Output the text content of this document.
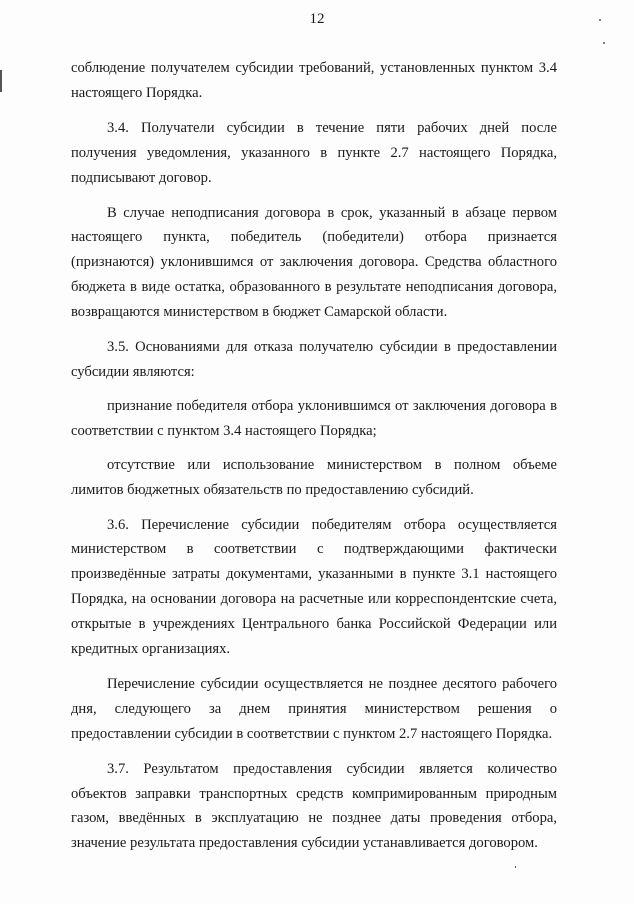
12

соблюдение получателем субсидии требований, установленных пунктом 3.4 настоящего Порядка.

3.4. Получатели субсидии в течение пяти рабочих дней после получения уведомления, указанного в пункте 2.7 настоящего Порядка, подписывают договор.

В случае неподписания договора в срок, указанный в абзаце первом настоящего пункта, победитель (победители) отбора признается (признаются) уклонившимся от заключения договора. Средства областного бюджета в виде остатка, образованного в результате неподписания договора, возвращаются министерством в бюджет Самарской области.

3.5. Основаниями для отказа получателю субсидии в предоставлении субсидии являются:

признание победителя отбора уклонившимся от заключения договора в соответствии с пунктом 3.4 настоящего Порядка;

отсутствие или использование министерством в полном объеме лимитов бюджетных обязательств по предоставлению субсидий.

3.6. Перечисление субсидии победителям отбора осуществляется министерством в соответствии с подтверждающими фактически произведённые затраты документами, указанными в пункте 3.1 настоящего Порядка, на основании договора на расчетные или корреспондентские счета, открытые в учреждениях Центрального банка Российской Федерации или кредитных организациях.

Перечисление субсидии осуществляется не позднее десятого рабочего дня, следующего за днем принятия министерством решения о предоставлении субсидии в соответствии с пунктом 2.7 настоящего Порядка.

3.7. Результатом предоставления субсидии является количество объектов заправки транспортных средств компримированным природным газом, введённых в эксплуатацию не позднее даты проведения отбора, значение результата предоставления субсидии устанавливается договором.
